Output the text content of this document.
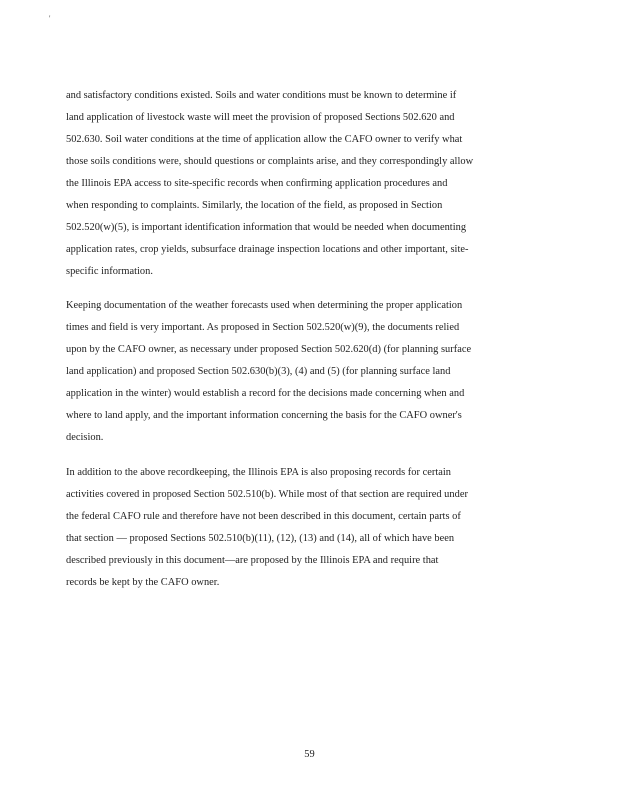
'
and satisfactory conditions existed. Soils and water conditions must be known to determine if
land application of livestock waste will meet the provision of proposed Sections 502.620 and
502.630. Soil water conditions at the time of application allow the CAFO owner to verify what
those soils conditions were, should questions or complaints arise, and they correspondingly allow
the Illinois EPA access to site-specific records when confirming application procedures and
when responding to complaints. Similarly, the location of the field, as proposed in Section
502.520(w)(5), is important identification information that would be needed when documenting
application rates, crop yields, subsurface drainage inspection locations and other important, site-
specific information.
Keeping documentation of the weather forecasts used when determining the proper application
times and field is very important. As proposed in Section 502.520(w)(9), the documents relied
upon by the CAFO owner, as necessary under proposed Section 502.620(d) (for planning surface
land application) and proposed Section 502.630(b)(3), (4) and (5) (for planning surface land
application in the winter) would establish a record for the decisions made concerning when and
where to land apply, and the important information concerning the basis for the CAFO owner's
decision.
In addition to the above recordkeeping, the Illinois EPA is also proposing records for certain
activities covered in proposed Section 502.510(b). While most of that section are required under
the federal CAFO rule and therefore have not been described in this document, certain parts of
that section — proposed Sections 502.510(b)(11), (12), (13) and (14), all of which have been
described previously in this document—are proposed by the Illinois EPA and require that
records be kept by the CAFO owner.
59
